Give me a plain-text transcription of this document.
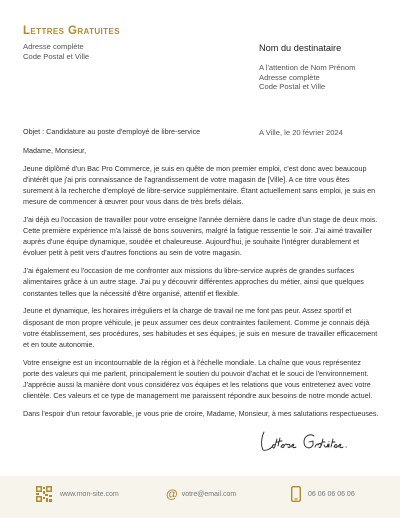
Lettres Gratuites
Adresse complète
Code Postal et Ville
Nom du destinataire
A l'attention de Nom Prénom
Adresse complète
Code Postal et Ville
A Ville, le 20 février 2024

Objet : Candidature au poste d'employé de libre-service

Madame, Monsieur,

Jeune diplômé d'un Bac Pro Commerce, je suis en quête de mon premier emploi, c'est donc avec beaucoup d'intérêt que j'ai pris connaissance de l'agrandissement de votre magasin de [Ville]. A ce titre vous êtes surement à la recherche d'employé de libre-service supplémentaire. Étant actuellement sans emploi, je suis en mesure de commencer à œuvrer pour vous dans de très brefs délais.

J'ai déjà eu l'occasion de travailler pour votre enseigne l'année dernière dans le cadre d'un stage de deux mois. Cette première expérience m'a laissé de bons souvenirs, malgré la fatigue ressentie le soir. J'ai aimé travailler auprès d'une équipe dynamique, soudée et chaleureuse. Aujourd'hui, je souhaite l'intégrer durablement et évoluer petit à petit vers d'autres fonctions au sein de votre magasin.

J'ai également eu l'occasion de me confronter aux missions du libre-service auprès de grandes surfaces alimentaires grâce à un autre stage. J'ai pu y découvrir différentes approches du métier, ainsi que quelques constantes telles que la nécessité d'être organisé, attentif et flexible.

Jeune et dynamique, les horaires irréguliers et la charge de travail ne me font pas peur. Assez sportif et disposant de mon propre véhicule, je peux assumer ces deux contraintes facilement. Comme je connais déjà votre établissement, ses procédures, ses habitudes et ses équipes, je suis en mesure de travailler efficacement et en toute autonomie.

Votre enseigne est un incontournable de la région et à l'échelle mondiale. La chaîne que vous représentez porte des valeurs qui me parlent, principalement le soutien du pouvoir d'achat et le souci de l'environnement. J'apprécie aussi la manière dont vous considérez vos équipes et les relations que vous entretenez avec votre clientèle. Ces valeurs et ce type de management me paraissent répondre aux besoins de notre monde actuel.

Dans l'espoir d'un retour favorable, je vous prie de croire, Madame, Monsieur, à mes salutations respectueuses.

www.mon-site.com	@ votre@email.com	06 06 06 06 06
